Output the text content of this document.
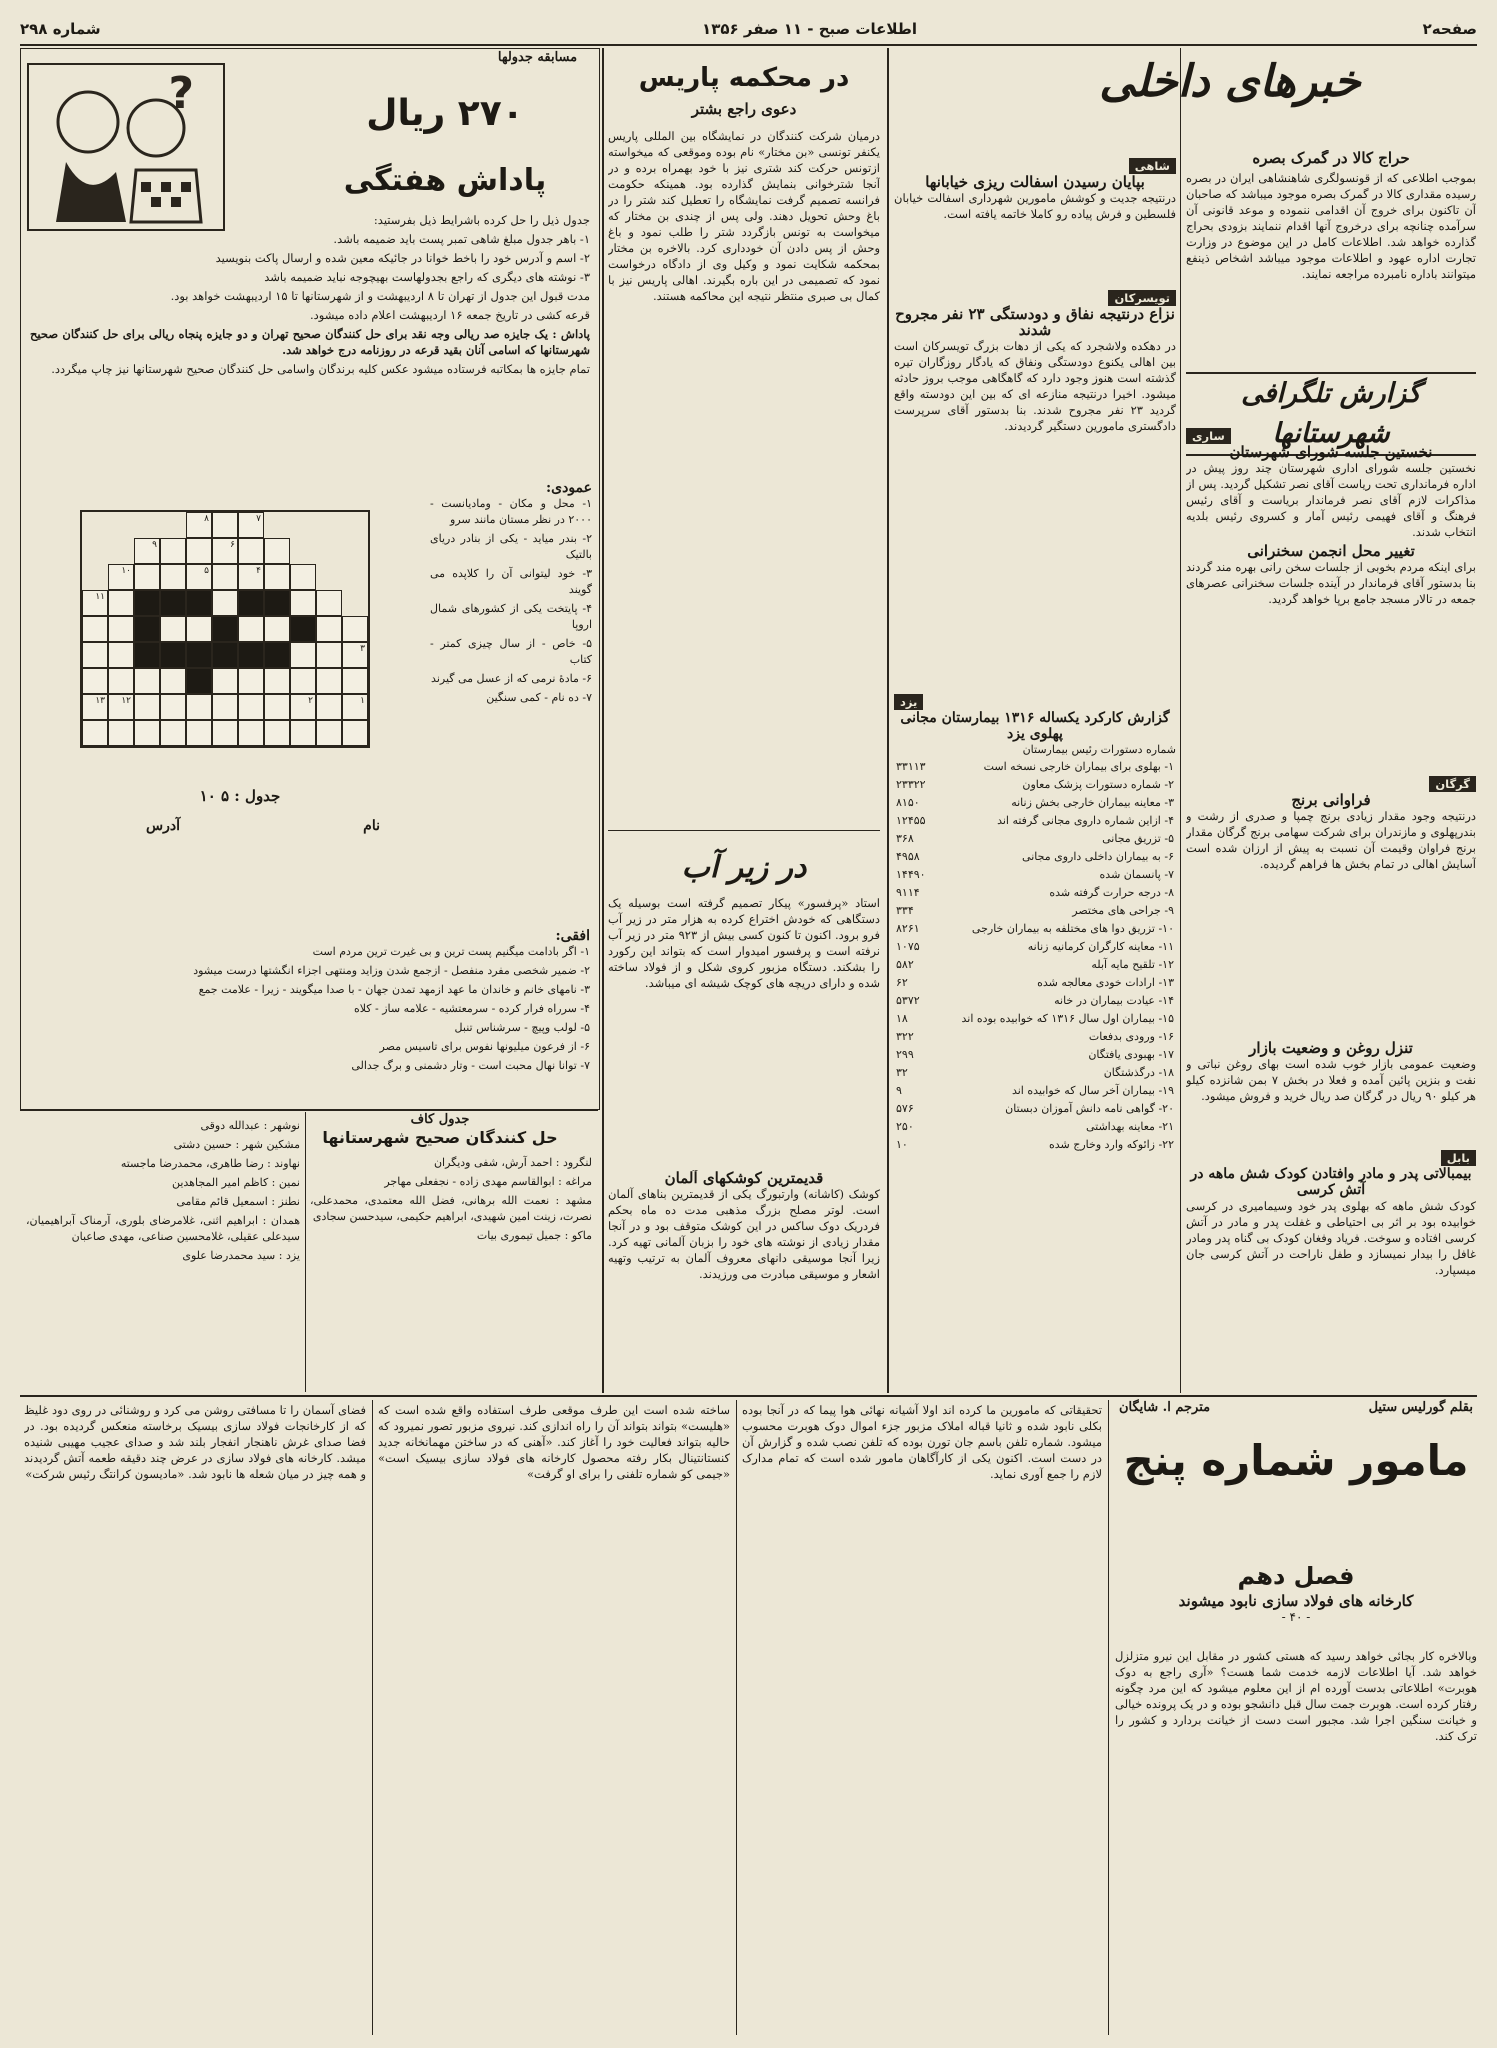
صفحه۲
اطلاعات صبح - ۱۱ صفر ۱۳۵۶
شماره ۲۹۸
خبرهای داخلی
حراج کالا در گمرک بصره

بموجب اطلاعی که از قونسولگری شاهنشاهی ایران در بصره رسیده مقداری کالا در گمرک بصره موجود میباشد که صاحبان آن تاکنون برای خروج آن اقدامی ننموده و موعد قانونی آن سرآمده چنانچه برای درخروج آنها اقدام ننمایند بزودی بحراج گذارده خواهد شد. اطلاعات کامل در این موضوع در وزارت تجارت اداره عهود و اطلاعات موجود میباشد اشخاص ذینفع میتوانند باداره نامبرده مراجعه نمایند.

گزارش تلگرافی شهرستانها
ساری
نخستین جلسه شورای شهرستان

نخستین جلسه شورای اداری شهرستان چند روز پیش در اداره فرمانداری تحت ریاست آقای نصر تشکیل گردید. پس از مذاکرات لازم آقای نصر فرماندار بریاست و آقای رئیس فرهنگ و آقای فهیمی رئیس آمار و کسروی رئیس بلدیه انتخاب شدند.

تغییر محل انجمن سخنرانی

برای اینکه مردم بخوبی از جلسات سخن رانی بهره مند گردند بنا بدستور آقای فرماندار در آینده جلسات سخنرانی عصرهای جمعه در تالار مسجد جامع برپا خواهد گردید.

گرگان
فراوانی برنج

درنتیجه وجود مقدار زیادی برنج چمپا و صدری از رشت و بندرپهلوی و مازندران برای شرکت سهامی برنج گرگان مقدار برنج فراوان وقیمت آن نسبت به پیش از ارزان شده است آسایش اهالی در تمام بخش ها فراهم گردیده.

تنزل روغن و وضعیت بازار

وضعیت عمومی بازار خوب شده است بهای روغن نباتی و نفت و بنزین پائین آمده و فعلا در بخش ۷ بمن شانزده کیلو هر کیلو ۹۰ ریال در گرگان صد ریال خرید و فروش میشود.

بابل
بیمبالاتی پدر و مادر وافتادن کودک شش ماهه در آتش کرسی

کودک شش ماهه که بهلوی پدر خود وسیمامیری در کرسی خوابیده بود بر اثر بی احتیاطی و غفلت پدر و مادر در آتش کرسی افتاده و سوخت. فریاد وفغان کودک بی گناه پدر ومادر غافل را بیدار نمیسازد و طفل ناراحت در آتش کرسی جان میسپارد.

شاهی
بپایان رسیدن اسفالت ریزی خیابانها

درنتیجه جدیت و کوشش مامورین شهرداری اسفالت خیابان فلسطین و فرش پیاده رو کاملا خاتمه یافته است.

تویسرکان
نزاع درنتیجه نفاق و دودستگی ۲۳ نفر مجروح شدند

در دهکده ولاشجرد که یکی از دهات بزرگ تویسرکان است بین اهالی یکنوع دودستگی ونفاق که یادگار روزگاران تیره گذشته است هنوز وجود دارد که گاهگاهی موجب بروز حادثه میشود. اخیرا درنتیجه منازعه ای که بین این دودسته واقع گردید ۲۳ نفر مجروح شدند. بنا بدستور آقای سرپرست دادگستری مامورین دستگیر گردیدند.

یزد
گزارش کارکرد یکساله ۱۳۱۶ بیمارستان مجانی پهلوی یزد
شماره دستورات رئیس بیمارستان
۱- بهلوی برای بیماران خارجی نسخه است	۳۳۱۱۳
۲- شماره دستورات پزشک معاون	۲۳۳۲۲
۳- معاینه بیماران خارجی بخش زنانه	۸۱۵۰
۴- ازاین شماره داروی مجانی گرفته اند	۱۲۴۵۵
۵- تزریق مجانی	۳۶۸
۶- به بیماران داخلی داروی مجانی	۴۹۵۸
۷- پانسمان شده	۱۴۴۹۰
۸- درجه حرارت گرفته شده	۹۱۱۴
۹- جراحی های مختصر	۳۳۴
۱۰- تزریق دوا های مختلفه به بیماران خارجی	۸۲۶۱
۱۱- معاینه کارگران کرمانیه زنانه	۱۰۷۵
۱۲- تلقیح مایه آبله	۵۸۲
۱۳- ارادات خودی معالجه شده	۶۲
۱۴- عیادت بیماران در خانه	۵۳۷۲
۱۵- بیماران اول سال ۱۳۱۶ که خوابیده بوده اند	۱۸
۱۶- ورودی بدفعات	۳۲۲
۱۷- بهبودی یافتگان	۲۹۹
۱۸- درگذشتگان	۳۲
۱۹- بیماران آخر سال که خوابیده اند	۹
۲۰- گواهی نامه دانش آموزان دبستان	۵۷۶
۲۱- معاینه بهداشتی	۲۵۰
۲۲- زائوکه وارد وخارج شده	۱۰
در محکمه پاریس
دعوی راجع بشتر

درمیان شرکت کنندگان در نمایشگاه بین المللی پاریس یکنفر تونسی «بن مختار» نام بوده وموقعی که میخواسته ازتونس حرکت کند شتری نیز با خود بهمراه برده و در آنجا شترخوانی بنمایش گذارده بود. همینکه حکومت فرانسه تصمیم گرفت نمایشگاه را تعطیل کند شتر را در باغ وحش تحویل دهند. ولی پس از چندی بن مختار که میخواست به تونس بازگردد شتر را طلب نمود و باغ وحش از پس دادن آن خودداری کرد. بالاخره بن مختار بمحکمه شکایت نمود و وکیل وی از دادگاه درخواست نمود که تصمیمی در این باره بگیرند. اهالی پاریس نیز با کمال بی صبری منتظر نتیجه این محاکمه هستند.

در زیر آب

استاد «پرفسور» پیکار تصمیم گرفته است بوسیله یک دستگاهی که خودش اختراع کرده به هزار متر در زیر آب فرو برود. اکنون تا کنون کسی بیش از ۹۲۳ متر در زیر آب نرفته است و پرفسور امیدوار است که بتواند این رکورد را بشکند. دستگاه مزبور کروی شکل و از فولاد ساخته شده و دارای دریچه های کوچک شیشه ای میباشد.

قدیمترین کوشکهای آلمان

کوشک (کاشانه) وارتبورگ یکی از قدیمترین بناهای آلمان است. لوتر مصلح بزرگ مذهبی مدت ده ماه بحکم فردریک دوک ساکس در این کوشک متوقف بود و در آنجا مقدار زیادی از نوشته های خود را بزبان آلمانی تهیه کرد. زیرا آنجا موسیقی دانهای معروف آلمان به ترتیب وتهیه اشعار و موسیقی مبادرت می ورزیدند.

مسابقه جدولها
?	۲۷۰ ریال
پاداش هفتگی

جدول ذیل را حل کرده باشرایط ذیل بفرستید:

۱- باهر جدول مبلغ شاهی تمبر پست باید ضمیمه باشد.

۲- اسم و آدرس خود را باخط خوانا در جائیکه معین شده و ارسال پاکت بنویسید

۳- نوشته های دیگری که راجع بجدولهاست بهیچوجه نباید ضمیمه باشد

مدت قبول این جدول از تهران تا ۸ اردیبهشت و از شهرستانها تا ۱۵ اردیبهشت خواهد بود.

قرعه کشی در تاریخ جمعه ۱۶ اردیبهشت اعلام داده میشود.

پاداش : یک جایزه صد ریالی وجه نقد برای حل کنندگان صحیح تهران و دو جایزه پنجاه ریالی برای حل کنندگان صحیح شهرستانها که اسامی آنان بقید قرعه در روزنامه درج خواهد شد.

تمام جایزه ها بمکاتبه فرستاده میشود عکس کلیه برندگان واسامی حل کنندگان صحیح شهرستانها نیز چاپ میگردد.

عمودی:

۱- محل و مکان - ومادیانست - ۲۰۰۰ در نظر مستان مانند سرو

۲- بندر میاید - یکی از بنادر دریای بالتیک

۳- خود لیتوانی آن را کلاپده می گویند

۴- پایتخت یکی از کشورهای شمال اروپا

۵- خاص - از سال چیزی کمتر - کتاب

۶- مادهٔ نرمی که از عسل می گیرند

۷- ده نام - کمی سنگین

۸	۷
۹	۶
۱۰	۵	۴
۱۱
۳
۱۳ ۱۲	۲	۱
جدول : ۵ ۱۰
نام
آدرس
افقی:

۱- اگر بادامت میگنیم پست ترین و بی غیرت ترین مردم است

۲- ضمیر شخصی مفرد منفصل - ازجمع شدن وزاید ومنتهی اجزاء انگشتها درست میشود

۳- نامهای خانم و خاندان ما عهد ازمهد تمدن جهان - با صدا میگویند - زیرا - علامت جمع

۴- سرراه فرار کرده - سرمعتشیه - علامه ساز - کلاه

۵- لولب وپیچ - سرشناس تنبل

۶- از فرعون میلیونها نفوس برای تاسیس مصر

۷- توانا نهال محبت است - وتار دشمنی و برگ جدالی

جدول کاف
حل کنندگان صحیح شهرستانها

لنگرود : احمد آرش، شفی ودیگران

مراغه : ابوالقاسم مهدی زاده - نجفعلی مهاجر

مشهد : نعمت الله برهانی، فضل الله معتمدی، محمدعلی، نصرت، زینت امین شهیدی، ابراهیم حکیمی، سیدحسن سجادی

ماکو : جمیل تیموری بیات

نوشهر : عبدالله دوقی

مشکین شهر : حسین دشتی

نهاوند : رضا طاهری، محمدرضا ماجسته

نمین : کاظم امیر المجاهدین

نطنز : اسمعیل قائم مقامی

همدان : ابراهیم اثنی، غلامرضای بلوری، آرمناک آبراهیمیان، سیدعلی عقیلی، غلامحسین صناعی، مهدی صاعبان

یزد : سید محمدرضا علوی

بقلم گورلیس ستیل
مترجم ا. شایگان
مامور شماره پنج
فصل دهم
کارخانه های فولاد سازی نابود میشوند
- ۴۰ -

وبالاخره کار بجائی خواهد رسید که هستی کشور در مقابل این نیرو متزلزل خواهد شد. آیا اطلاعات لازمه خدمت شما هست؟ «آری راجع به دوک هوبرت» اطلاعاتی بدست آورده ام از این معلوم میشود که این مرد چگونه رفتار کرده است. هوبرت جمت سال قبل دانشجو بوده و در یک پرونده خیالی و خیانت سنگین اجرا شد. مجبور است دست از خیانت بردارد و کشور را ترک کند.

تحقیقاتی که مامورین ما کرده اند اولا آشیانه نهائی هوا پیما که در آنجا بوده بکلی نابود شده و ثانیا قباله املاک مزبور جزء اموال دوک هوبرت محسوب میشود. شماره تلفن باسم جان تورن بوده که تلفن نصب شده و گزارش آن در دست است. اکنون یکی از کارآگاهان مامور شده است که تمام مدارک لازم را جمع آوری نماید.

ساخته شده است این طرف موقعی طرف استفاده واقع شده است که «هلیست» بتواند بتواند آن را راه اندازی کند. نیروی مزبور تصور نمیرود که حالیه بتواند فعالیت خود را آغاز کند. «آهنی که در ساختن مهمانخانه جدید کنستانتینال بکار رفته محصول کارخانه های فولاد سازی بیسیک است» «جیمی کو شماره تلفنی را برای او گرفت»

فضای آسمان را تا مسافتی روشن می کرد و روشنائی در روی دود غلیظ که از کارخانجات فولاد سازی بیسیک برخاسته منعکس گردیده بود. در فضا صدای غرش ناهنجار انفجار بلند شد و صدای عجیب مهیبی شنیده میشد. کارخانه های فولاد سازی در عرض چند دقیقه طعمه آتش گردیدند و همه چیز در میان شعله ها نابود شد. «مادیسون کرانتگ رئیس شرکت»
